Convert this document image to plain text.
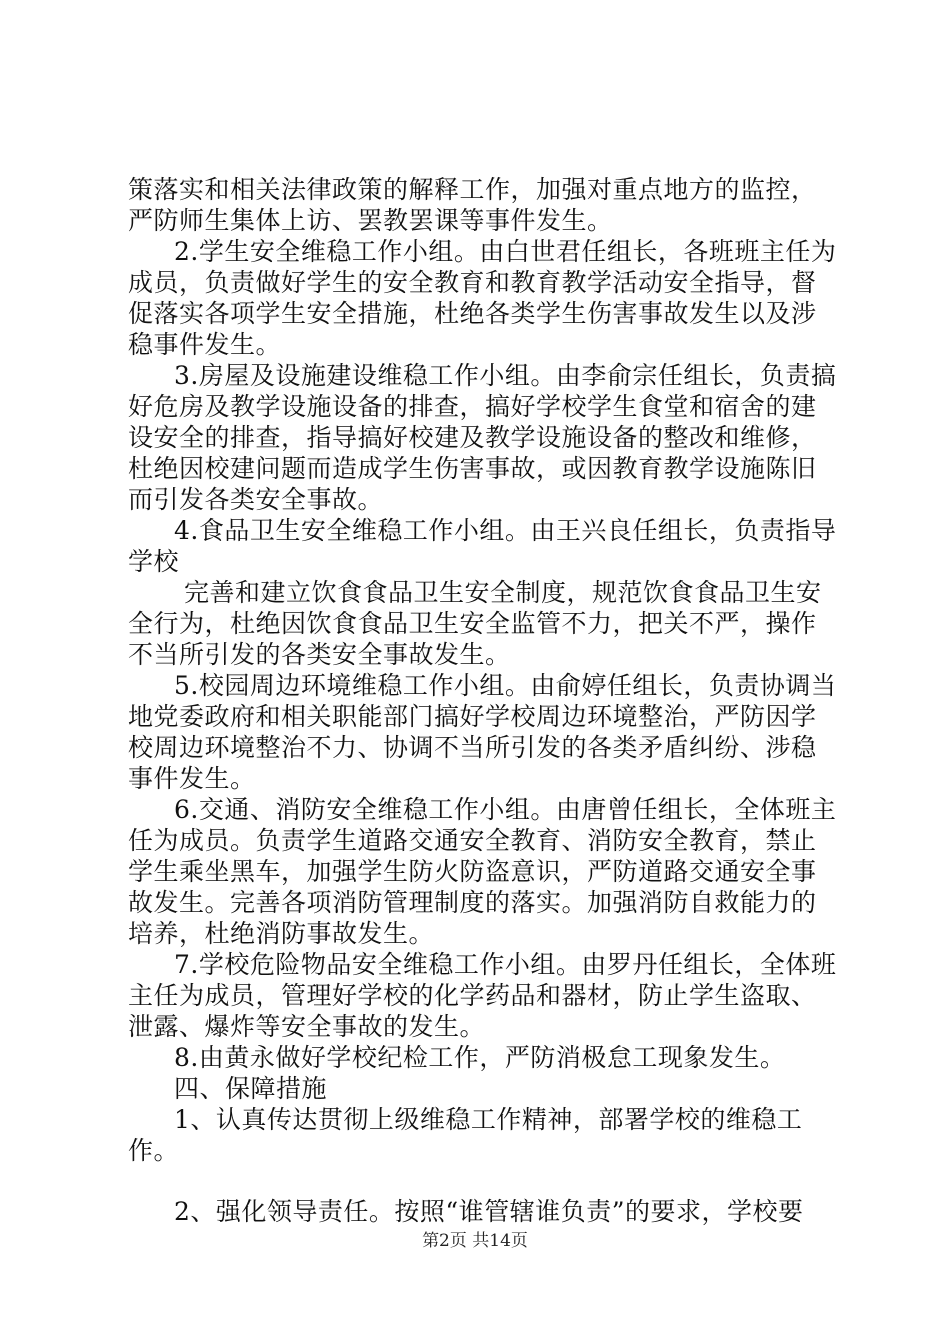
策落实和相关法律政策的解释工作，加强对重点地方的监控，严防师生集体上访、罢教罢课等事件发生。

2.学生安全维稳工作小组。由白世君任组长，各班班主任为成员，负责做好学生的安全教育和教育教学活动安全指导，督促落实各项学生安全措施，杜绝各类学生伤害事故发生以及涉稳事件发生。

3.房屋及设施建设维稳工作小组。由李俞宗任组长，负责搞好危房及教学设施设备的排查，搞好学校学生食堂和宿舍的建设安全的排查，指导搞好校建及教学设施设备的整改和维修，杜绝因校建问题而造成学生伤害事故，或因教育教学设施陈旧而引发各类安全事故。

4.食品卫生安全维稳工作小组。由王兴良任组长，负责指导学校

完善和建立饮食食品卫生安全制度，规范饮食食品卫生安全行为，杜绝因饮食食品卫生安全监管不力，把关不严，操作不当所引发的各类安全事故发生。

5.校园周边环境维稳工作小组。由俞婷任组长，负责协调当地党委政府和相关职能部门搞好学校周边环境整治，严防因学校周边环境整治不力、协调不当所引发的各类矛盾纠纷、涉稳事件发生。

6.交通、消防安全维稳工作小组。由唐曾任组长，全体班主任为成员。负责学生道路交通安全教育、消防安全教育，禁止学生乘坐黑车，加强学生防火防盗意识，严防道路交通安全事故发生。完善各项消防管理制度的落实。加强消防自救能力的培养，杜绝消防事故发生。

7.学校危险物品安全维稳工作小组。由罗丹任组长，全体班主任为成员，管理好学校的化学药品和器材，防止学生盗取、泄露、爆炸等安全事故的发生。

8.由黄永做好学校纪检工作，严防消极怠工现象发生。

四、保障措施

1、认真传达贯彻上级维稳工作精神，部署学校的维稳工作。

2、强化领导责任。按照“谁管辖谁负责”的要求，学校要

第2页 共14页
